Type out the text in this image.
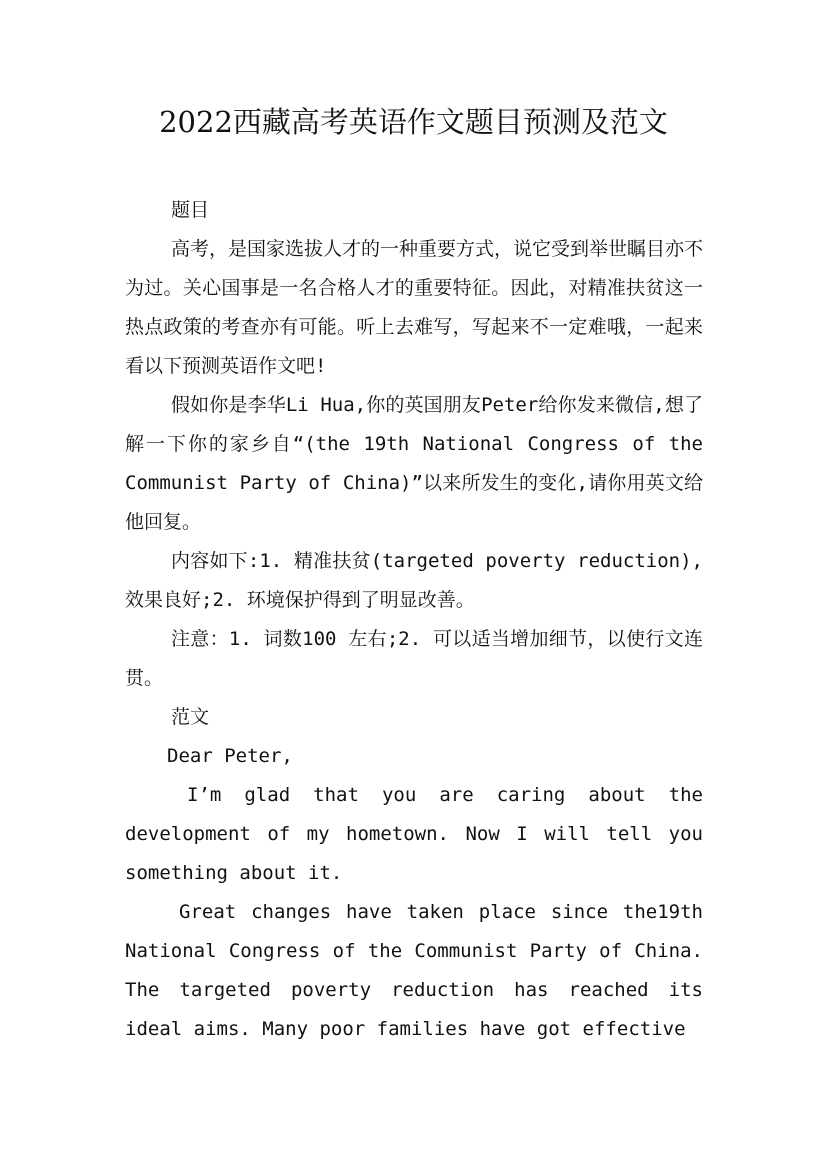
2022西藏高考英语作文题目预测及范文

题目

高考，是国家选拔人才的一种重要方式，说它受到举世瞩目亦不为过。关心国事是一名合格人才的重要特征。因此，对精准扶贫这一热点政策的考查亦有可能。听上去难写，写起来不一定难哦，一起来看以下预测英语作文吧!

假如你是李华Li Hua,你的英国朋友Peter给你发来微信,想了解一下你的家乡自“(the 19th National Congress of the Communist Party of China)”以来所发生的变化,请你用英文给他回复。

内容如下:1. 精准扶贫(targeted poverty reduction),效果良好;2. 环境保护得到了明显改善。

注意：1. 词数100 左右;2. 可以适当增加细节，以使行文连贯。

范文

Dear Peter,

I’m glad that you are caring about the development of my hometown. Now I will tell you something about it.

Great changes have taken place since the19th National Congress of the Communist Party of China. The targeted poverty reduction has reached its ideal aims. Many poor families have got effective
